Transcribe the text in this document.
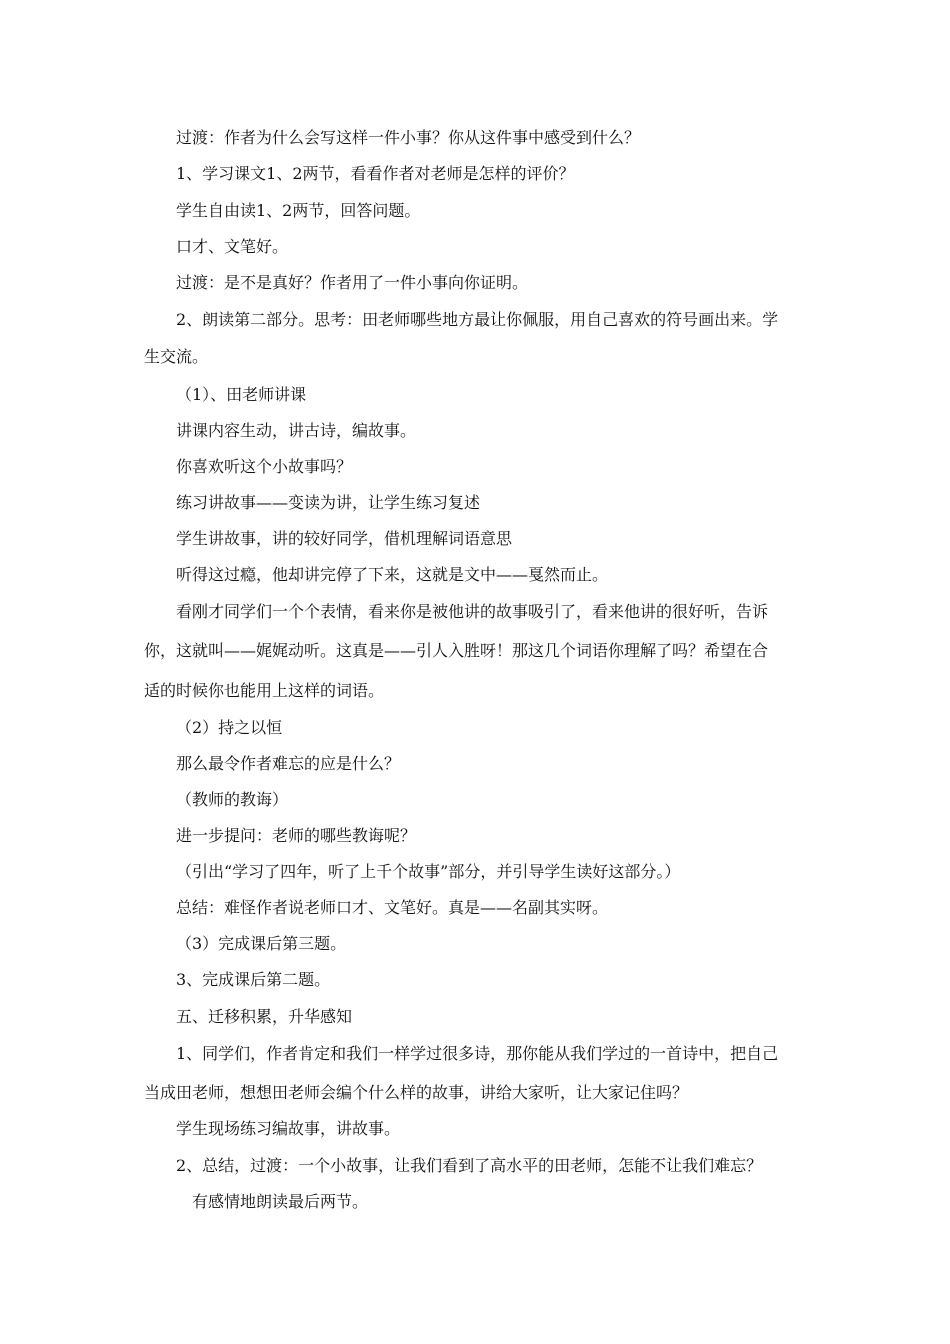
过渡：作者为什么会写这样一件小事？你从这件事中感受到什么？

1、学习课文1、2两节，看看作者对老师是怎样的评价？

学生自由读1、2两节，回答问题。

口才、文笔好。

过渡：是不是真好？作者用了一件小事向你证明。

2、朗读第二部分。思考：田老师哪些地方最让你佩服，用自己喜欢的符号画出来。学

生交流。

（1）、田老师讲课

讲课内容生动，讲古诗，编故事。

你喜欢听这个小故事吗？

练习讲故事——变读为讲，让学生练习复述

学生讲故事，讲的较好同学，借机理解词语意思

听得这过瘾，他却讲完停了下来，这就是文中——戛然而止。

看刚才同学们一个个表情，看来你是被他讲的故事吸引了，看来他讲的很好听，告诉

你，这就叫——娓娓动听。这真是——引人入胜呀！那这几个词语你理解了吗？希望在合

适的时候你也能用上这样的词语。

（2）持之以恒

那么最令作者难忘的应是什么？

（教师的教诲）

进一步提问：老师的哪些教诲呢？

（引出“学习了四年，听了上千个故事”部分，并引导学生读好这部分。）

总结：难怪作者说老师口才、文笔好。真是——名副其实呀。

（3）完成课后第三题。

3、完成课后第二题。

五、迁移积累，升华感知

1、同学们，作者肯定和我们一样学过很多诗，那你能从我们学过的一首诗中，把自己

当成田老师，想想田老师会编个什么样的故事，讲给大家听，让大家记住吗？

学生现场练习编故事，讲故事。

2、总结，过渡：一个小故事，让我们看到了高水平的田老师，怎能不让我们难忘？

有感情地朗读最后两节。
